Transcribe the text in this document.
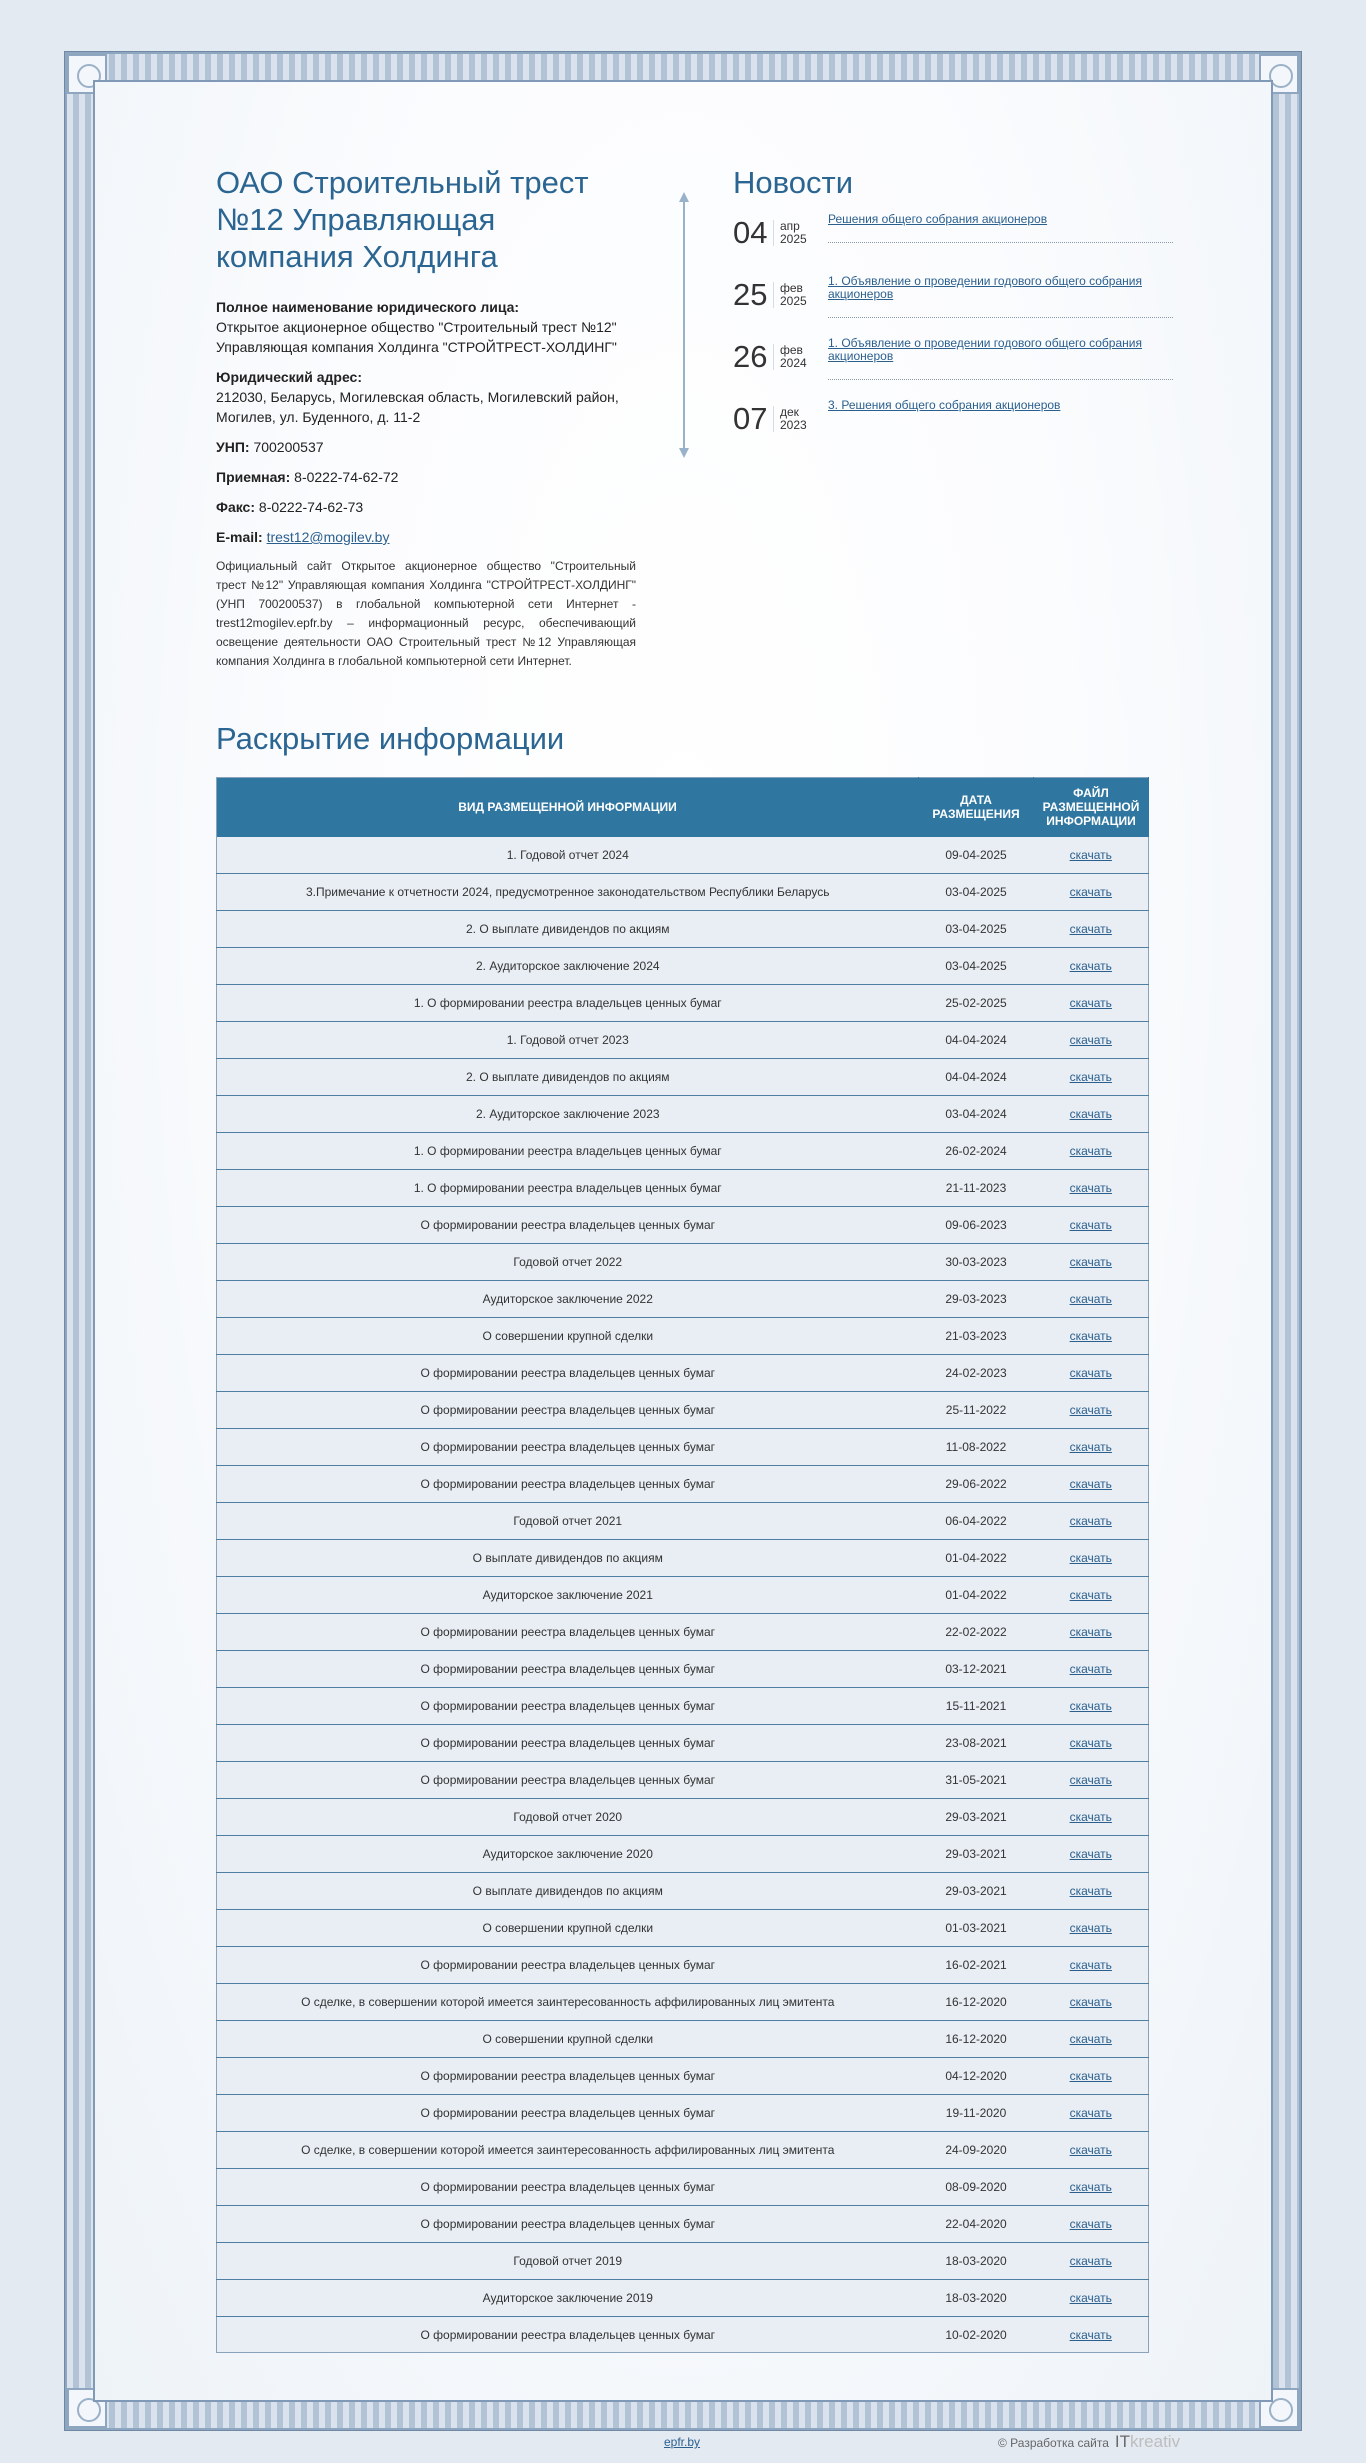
ОАО Строительный трест №12 Управляющая компания Холдинга
Полное наименование юридического лица:
Открытое акционерное общество "Строительный трест №12" Управляющая компания Холдинга "СТРОЙТРЕСТ-ХОЛДИНГ"
Юридический адрес:
212030, Беларусь, Могилевская область, Могилевский район, Могилев, ул. Буденного, д. 11-2
УНП: 700200537
Приемная: 8-0222-74-62-72
Факс: 8-0222-74-62-73
E-mail: trest12@mogilev.by

Официальный сайт Открытое акционерное общество "Строительный трест №12" Управляющая компания Холдинга "СТРОЙТРЕСТ-ХОЛДИНГ" (УНП 700200537) в глобальной компьютерной сети Интернет - trest12mogilev.epfr.by – информационный ресурс, обеспечивающий освещение деятельности ОАО Строительный трест №12 Управляющая компания Холдинга в глобальной компьютерной сети Интернет.

Новости
04	апр
2025
Решения общего собрания акционеров
25	фев
2025
1. Объявление о проведении годового общего собрания акционеров
26	фев
2024
1. Объявление о проведении годового общего собрания акционеров
07	дек
2023
3. Решения общего собрания акционеров
Раскрытие информации
ВИД РАЗМЕЩЕННОЙ ИНФОРМАЦИИ	ДАТА РАЗМЕЩЕНИЯ	ФАЙЛ РАЗМЕЩЕННОЙ ИНФОРМАЦИИ
1. Годовой отчет 2024	09-04-2025	скачать
3.Примечание к отчетности 2024, предусмотренное законодательством Республики Беларусь	03-04-2025	скачать
2. О выплате дивидендов по акциям	03-04-2025	скачать
2. Аудиторское заключение 2024	03-04-2025	скачать
1. О формировании реестра владельцев ценных бумаг	25-02-2025	скачать
1. Годовой отчет 2023	04-04-2024	скачать
2. О выплате дивидендов по акциям	04-04-2024	скачать
2. Аудиторское заключение 2023	03-04-2024	скачать
1. О формировании реестра владельцев ценных бумаг	26-02-2024	скачать
1. О формировании реестра владельцев ценных бумаг	21-11-2023	скачать
О формировании реестра владельцев ценных бумаг	09-06-2023	скачать
Годовой отчет 2022	30-03-2023	скачать
Аудиторское заключение 2022	29-03-2023	скачать
О совершении крупной сделки	21-03-2023	скачать
О формировании реестра владельцев ценных бумаг	24-02-2023	скачать
О формировании реестра владельцев ценных бумаг	25-11-2022	скачать
О формировании реестра владельцев ценных бумаг	11-08-2022	скачать
О формировании реестра владельцев ценных бумаг	29-06-2022	скачать
Годовой отчет 2021	06-04-2022	скачать
О выплате дивидендов по акциям	01-04-2022	скачать
Аудиторское заключение 2021	01-04-2022	скачать
О формировании реестра владельцев ценных бумаг	22-02-2022	скачать
О формировании реестра владельцев ценных бумаг	03-12-2021	скачать
О формировании реестра владельцев ценных бумаг	15-11-2021	скачать
О формировании реестра владельцев ценных бумаг	23-08-2021	скачать
О формировании реестра владельцев ценных бумаг	31-05-2021	скачать
Годовой отчет 2020	29-03-2021	скачать
Аудиторское заключение 2020	29-03-2021	скачать
О выплате дивидендов по акциям	29-03-2021	скачать
О совершении крупной сделки	01-03-2021	скачать
О формировании реестра владельцев ценных бумаг	16-02-2021	скачать
О сделке, в совершении которой имеется заинтересованность аффилированных лиц эмитента	16-12-2020	скачать
О совершении крупной сделки	16-12-2020	скачать
О формировании реестра владельцев ценных бумаг	04-12-2020	скачать
О формировании реестра владельцев ценных бумаг	19-11-2020	скачать
О сделке, в совершении которой имеется заинтересованность аффилированных лиц эмитента	24-09-2020	скачать
О формировании реестра владельцев ценных бумаг	08-09-2020	скачать
О формировании реестра владельцев ценных бумаг	22-04-2020	скачать
Годовой отчет 2019	18-03-2020	скачать
Аудиторское заключение 2019	18-03-2020	скачать
О формировании реестра владельцев ценных бумаг	10-02-2020	скачать
epfr.by	© Разработка сайта ITkreativ
